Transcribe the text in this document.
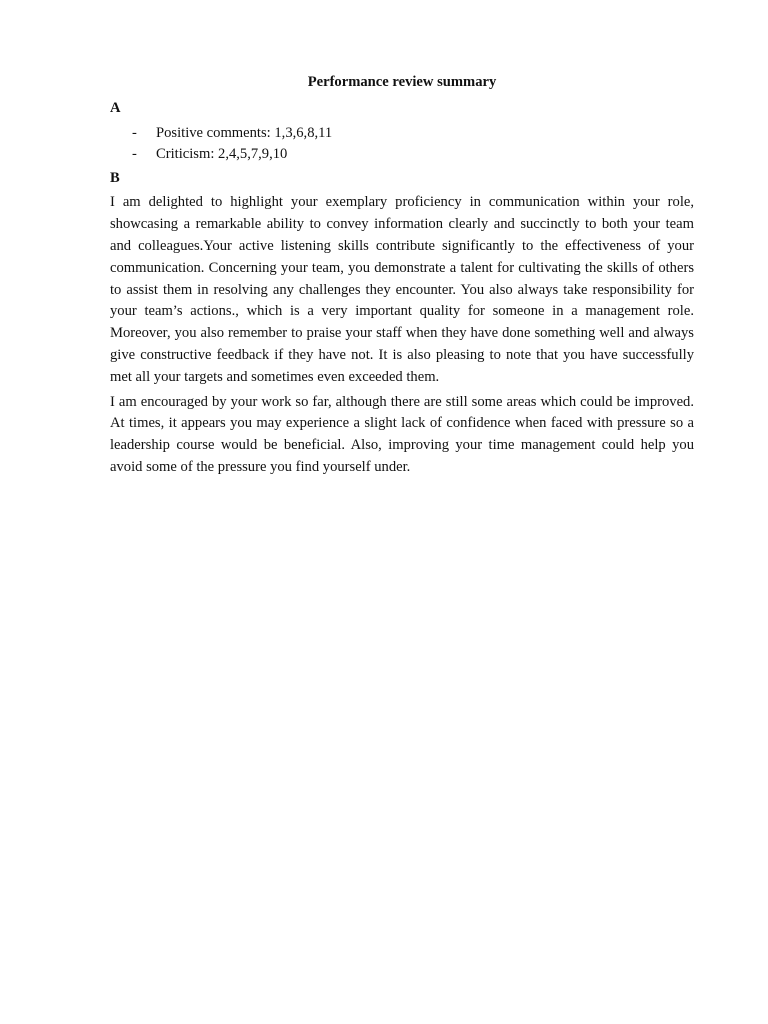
Performance review summary
A
- Positive comments: 1,3,6,8,11
- Criticism: 2,4,5,7,9,10
B

I am delighted to highlight your exemplary proficiency in communication within your role, showcasing a remarkable ability to convey information clearly and succinctly to both your team and colleagues.Your active listening skills contribute significantly to the effectiveness of your communication. Concerning your team, you demonstrate a talent for cultivating the skills of others to assist them in resolving any challenges they encounter. You also always take responsibility for your team’s actions., which is a very important quality for someone in a management role. Moreover, you also remember to praise your staff when they have done something well and always give constructive feedback if they have not. It is also pleasing to note that you have successfully met all your targets and sometimes even exceeded them.

I am encouraged by your work so far, although there are still some areas which could be improved. At times, it appears you may experience a slight lack of confidence when faced with pressure so a leadership course would be beneficial. Also, improving your time management could help you avoid some of the pressure you find yourself under.
